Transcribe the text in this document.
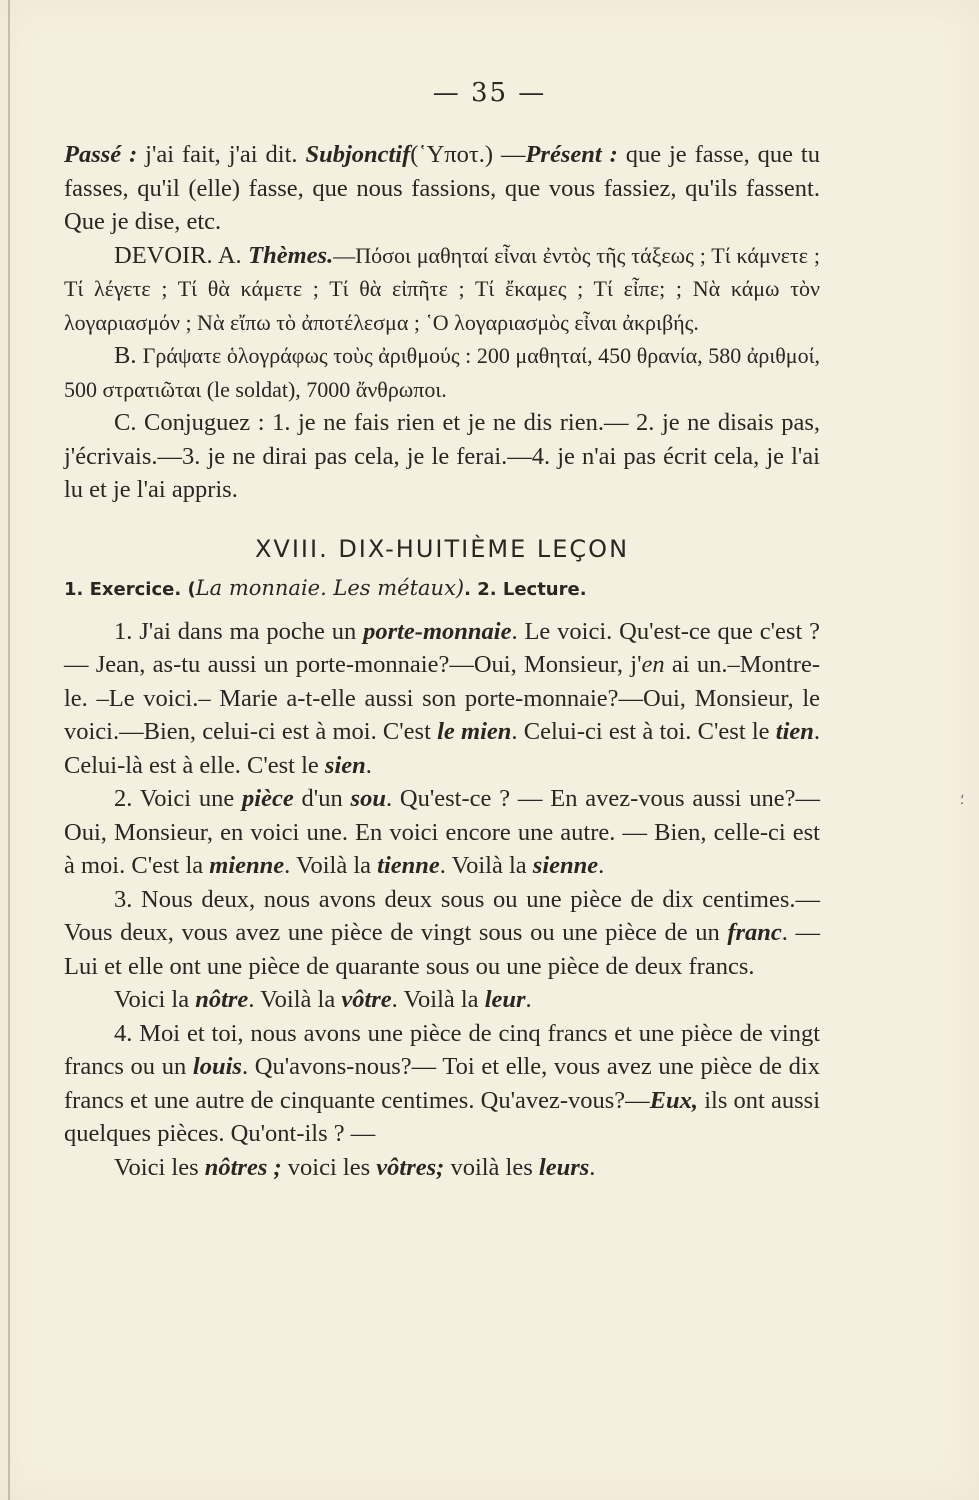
— 35 —

Passé : j'ai fait, j'ai dit. Subjonctif(῾Υποτ.) —Présent : que je fasse, que tu fasses, qu'il (elle) fasse, que nous fassions, que vous fassiez, qu'ils fassent. Que je dise, etc.

DEVOIR. A. Thèmes.—Πόσοι μαθηταί εἶναι ἐντὸς τῆς τάξεως ; Τί κάμνετε ; Τί λέγετε ; Τί θὰ κάμετε ; Τί θὰ εἰπῆτε ; Τί ἔκαμες ; Τί εἶπε; ; Νὰ κάμω τὸν λογαριασμόν ; Νὰ εἴπω τὸ ἀποτέλεσμα ; ῾Ο λογαριασμὸς εἶναι ἀκριβής.

B. Γράψατε ὁλογράφως τοὺς ἀριθμούς : 200 μαθηταί, 450 θρανία, 580 ἀριθμοί, 500 στρατιῶται (le soldat), 7000 ἄνθρωποι.

C. Conjuguez : 1. je ne fais rien et je ne dis rien.— 2. je ne disais pas, j'écrivais.—3. je ne dirai pas cela, je le ferai.—4. je n'ai pas écrit cela, je l'ai lu et je l'ai appris.

XVIII. DIX-HUITIÈME LEÇON

1. Exercice. (La monnaie. Les métaux). 2. Lecture.

1. J'ai dans ma poche un porte-monnaie. Le voici. Qu'est-ce que c'est ? — Jean, as-tu aussi un porte-monnaie?—Oui, Monsieur, j'en ai un.–Montre-le. –Le voici.– Marie a-t-elle aussi son porte-monnaie?—Oui, Monsieur, le voici.—Bien, celui-ci est à moi. C'est le mien. Celui-ci est à toi. C'est le tien. Celui-là est à elle. C'est le sien.

2. Voici une pièce d'un sou. Qu'est-ce ? — En avez-vous aussi une?—Oui, Monsieur, en voici une. En voici encore une autre. — Bien, celle-ci est à moi. C'est la mienne. Voilà la tienne. Voilà la sienne.

3. Nous deux, nous avons deux sous ou une pièce de dix centimes.—Vous deux, vous avez une pièce de vingt sous ou une pièce de un franc. — Lui et elle ont une pièce de quarante sous ou une pièce de deux francs.

Voici la nôtre. Voilà la vôtre. Voilà la leur.

4. Moi et toi, nous avons une pièce de cinq francs et une pièce de vingt francs ou un louis. Qu'avons-nous?— Toi et elle, vous avez une pièce de dix francs et une autre de cinquante centimes. Qu'avez-vous?—Eux, ils ont aussi quelques pièces. Qu'ont-ils ? —

Voici les nôtres ; voici les vôtres; voilà les leurs.

⸵
